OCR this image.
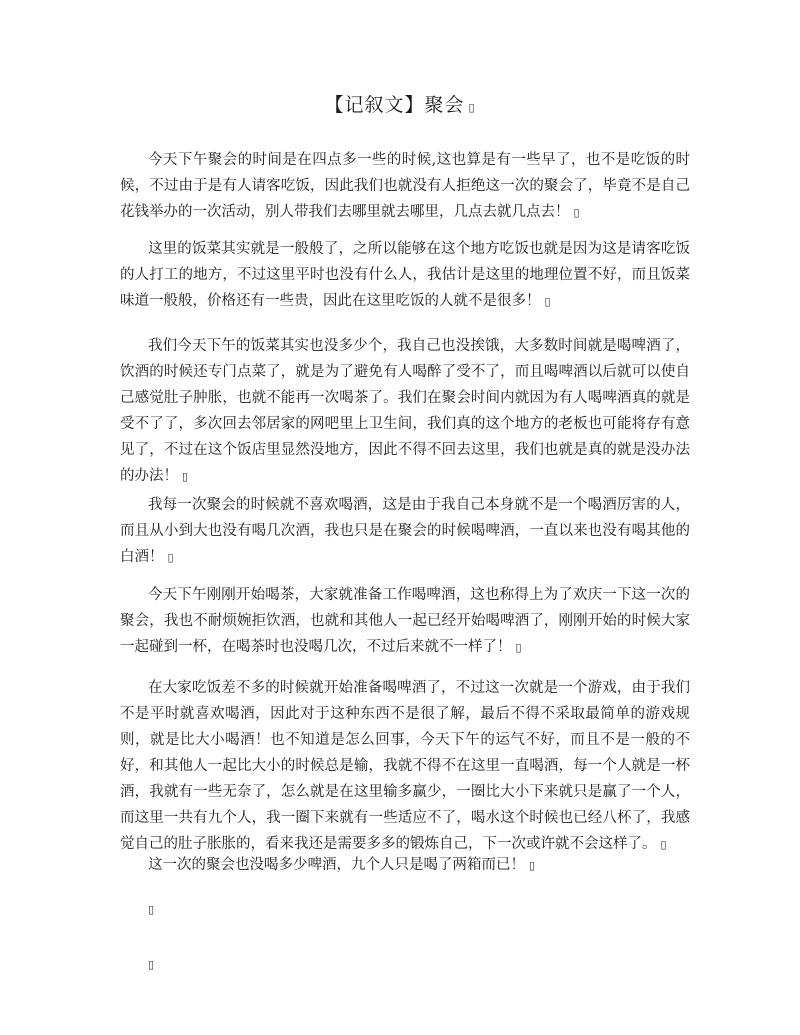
【记叙文】聚会 ▯

今天下午聚会的时间是在四点多一些的时候,这也算是有一些早了，也不是吃饭的时候，不过由于是有人请客吃饭，因此我们也就没有人拒绝这一次的聚会了，毕竟不是自己花钱举办的一次活动，别人带我们去哪里就去哪里，几点去就几点去！ ▯

这里的饭菜其实就是一般般了，之所以能够在这个地方吃饭也就是因为这是请客吃饭的人打工的地方，不过这里平时也没有什么人，我估计是这里的地理位置不好，而且饭菜味道一般般，价格还有一些贵，因此在这里吃饭的人就不是很多！ ▯

我们今天下午的饭菜其实也没多少个，我自己也没挨饿，大多数时间就是喝啤酒了，饮酒的时候还专门点菜了，就是为了避免有人喝醉了受不了，而且喝啤酒以后就可以使自己感觉肚子肿胀，也就不能再一次喝茶了。我们在聚会时间内就因为有人喝啤酒真的就是受不了了，多次回去邻居家的网吧里上卫生间，我们真的这个地方的老板也可能将存有意见了，不过在这个饭店里显然没地方，因此不得不回去这里，我们也就是真的就是没办法的办法！ ▯

我每一次聚会的时候就不喜欢喝酒，这是由于我自己本身就不是一个喝酒厉害的人，而且从小到大也没有喝几次酒，我也只是在聚会的时候喝啤酒，一直以来也没有喝其他的白酒！ ▯

今天下午刚刚开始喝茶，大家就准备工作喝啤酒，这也称得上为了欢庆一下这一次的聚会，我也不耐烦婉拒饮酒，也就和其他人一起已经开始喝啤酒了，刚刚开始的时候大家一起碰到一杯，在喝茶时也没喝几次，不过后来就不一样了！ ▯

在大家吃饭差不多的时候就开始准备喝啤酒了，不过这一次就是一个游戏，由于我们不是平时就喜欢喝酒，因此对于这种东西不是很了解，最后不得不采取最简单的游戏规则，就是比大小喝酒！也不知道是怎么回事，今天下午的运气不好，而且不是一般的不好，和其他人一起比大小的时候总是输，我就不得不在这里一直喝酒，每一个人就是一杯酒，我就有一些无奈了，怎么就是在这里输多赢少，一圈比大小下来就只是赢了一个人，而这里一共有九个人，我一圈下来就有一些适应不了，喝水这个时候也已经八杯了，我感觉自己的肚子胀胀的，看来我还是需要多多的锻炼自己，下一次或许就不会这样了。 ▯

这一次的聚会也没喝多少啤酒，九个人只是喝了两箱而已！ ▯

▯
▯
